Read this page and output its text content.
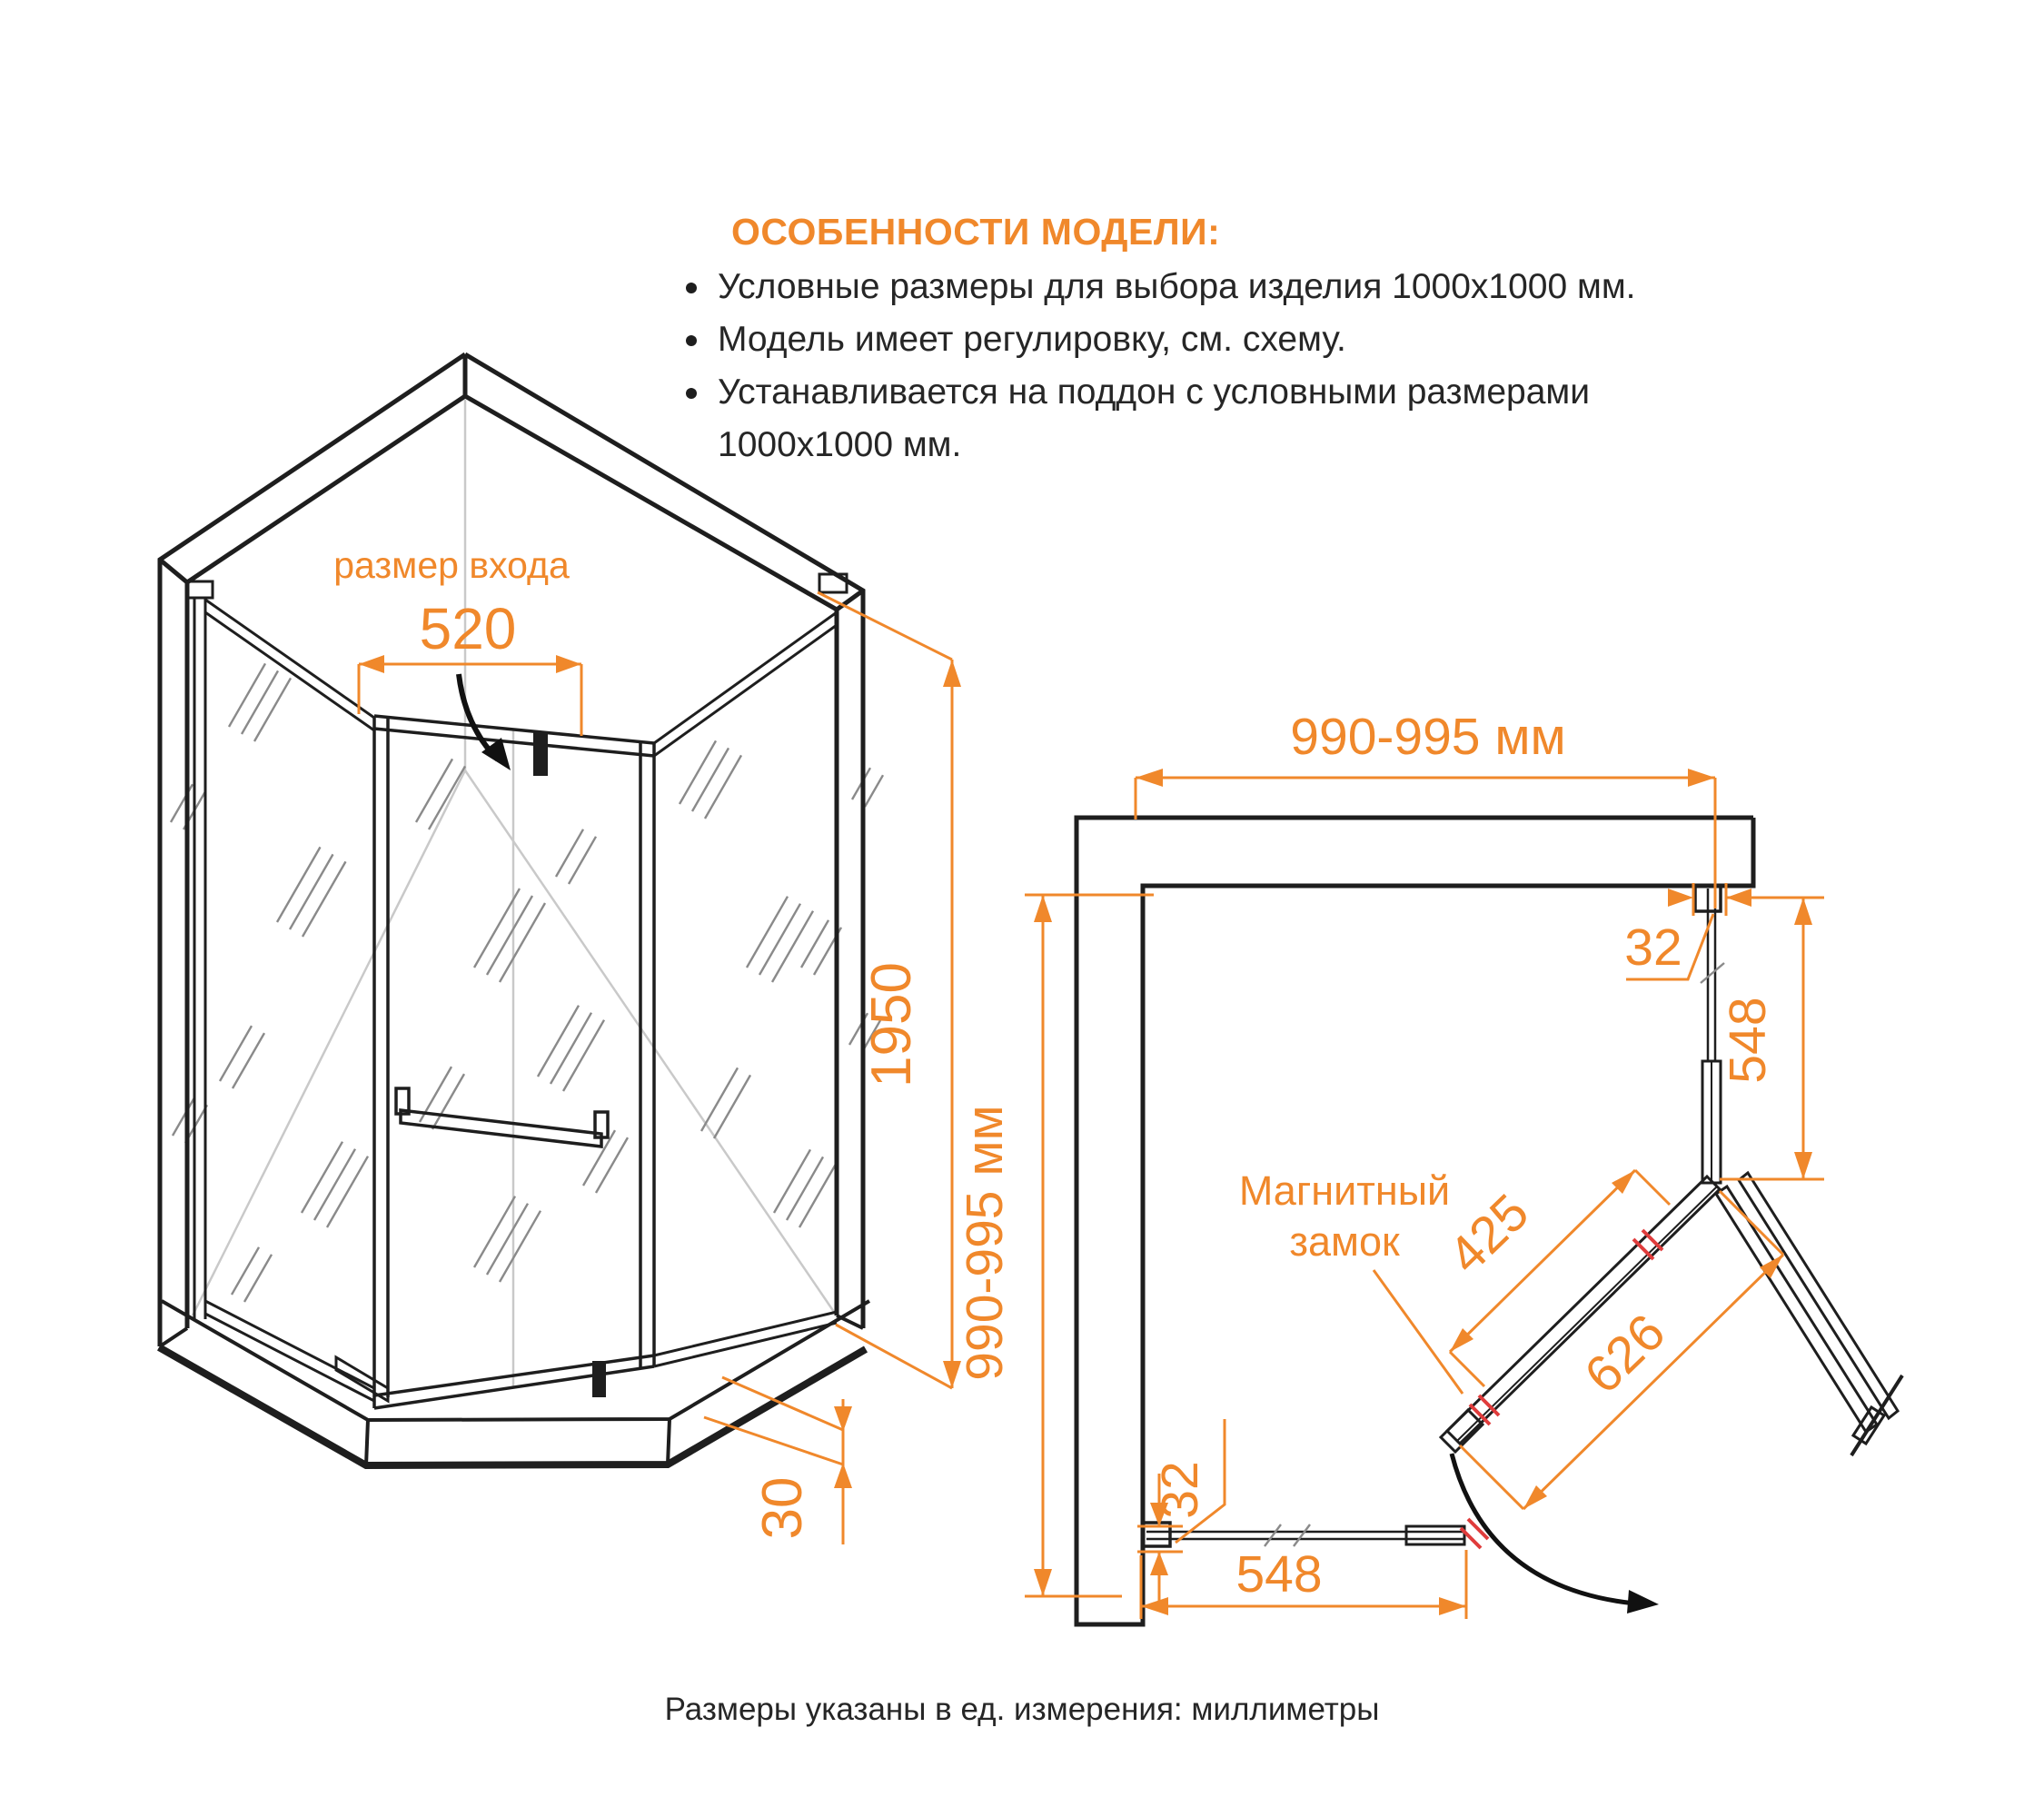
ОСОБЕННОСТИ МОДЕЛИ:
Условные размеры для выбора изделия 1000х1000 мм.
Модель имеет регулировку, см. схему.
Устанавливается на поддон с условными размерами
1000х1000 мм.
520
размер входа
1950
30
990-995 мм
990-995 мм
32
548
32
548
425
626
Магнитный
замок
Размеры указаны в ед. измерения: миллиметры
